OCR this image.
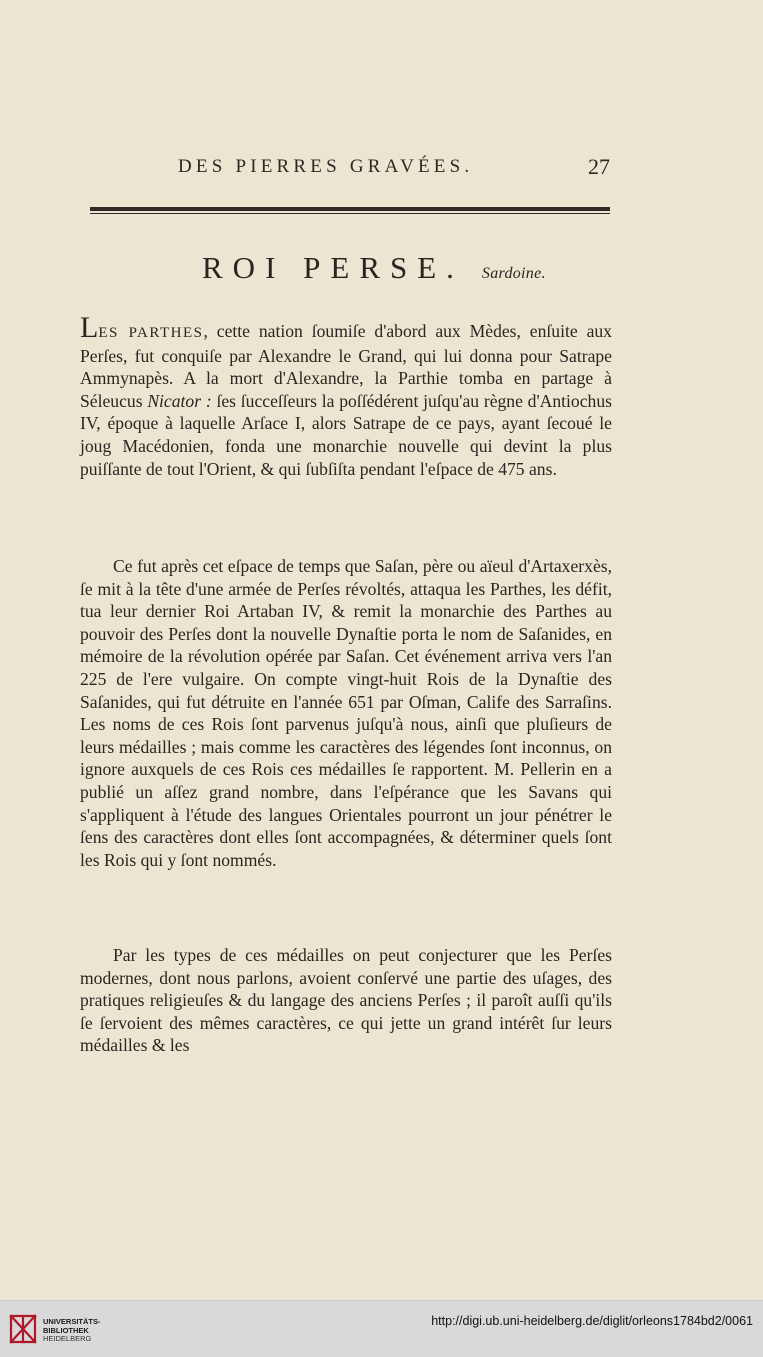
DES PIERRES GRAVÉES.	27
ROI PERSE. Sardoine.

LES PARTHES, cette nation ſoumiſe d'abord aux Mèdes, enſuite aux Perſes, fut conquiſe par Alexandre le Grand, qui lui donna pour Satrape Ammynapès. A la mort d'Alexandre, la Parthie tomba en partage à Séleucus Nicator : ſes ſucceſſeurs la poſſédérent juſqu'au règne d'Antiochus IV, époque à laquelle Arſace I, alors Satrape de ce pays, ayant ſecoué le joug Macédonien, fonda une monarchie nouvelle qui devint la plus puiſſante de tout l'Orient, & qui ſubſiſta pendant l'eſpace de 475 ans.

Ce fut après cet eſpace de temps que Saſan, père ou aïeul d'Artaxerxès, ſe mit à la tête d'une armée de Perſes révoltés, attaqua les Parthes, les défit, tua leur dernier Roi Artaban IV, & remit la monarchie des Parthes au pouvoir des Perſes dont la nouvelle Dynaſtie porta le nom de Saſanides, en mémoire de la révolution opérée par Saſan. Cet événement arriva vers l'an 225 de l'ere vulgaire. On compte vingt-huit Rois de la Dynaſtie des Saſanides, qui fut détruite en l'année 651 par Oſman, Calife des Sarraſins. Les noms de ces Rois ſont parvenus juſqu'à nous, ainſi que pluſieurs de leurs médailles ; mais comme les caractères des légendes ſont inconnus, on ignore auxquels de ces Rois ces médailles ſe rapportent. M. Pellerin en a publié un aſſez grand nombre, dans l'eſpérance que les Savans qui s'appliquent à l'étude des langues Orientales pourront un jour pénétrer le ſens des caractères dont elles ſont accompagnées, & déterminer quels ſont les Rois qui y ſont nommés.

Par les types de ces médailles on peut conjecturer que les Perſes modernes, dont nous parlons, avoient conſervé une partie des uſages, des pratiques religieuſes & du langage des anciens Perſes ; il paroît auſſi qu'ils ſe ſervoient des mêmes caractères, ce qui jette un grand intérêt ſur leurs médailles & les

UNIVERSITÄTS-
BIBLIOTHEK
HEIDELBERG
http://digi.ub.uni-heidelberg.de/diglit/orleons1784bd2/0061
